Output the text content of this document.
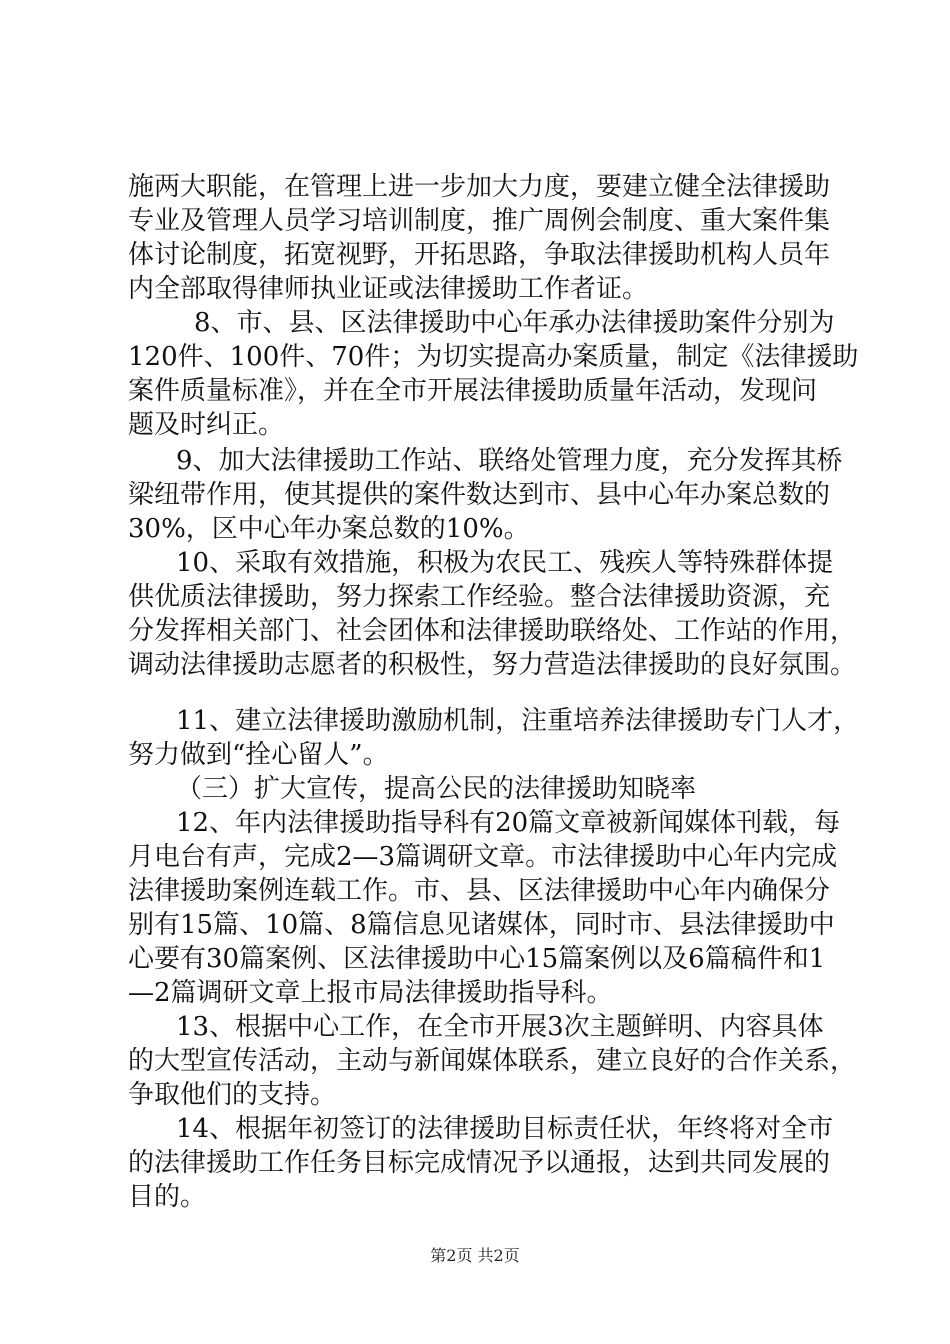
施两大职能，在管理上进一步加大力度，要建立健全法律援助
专业及管理人员学习培训制度，推广周例会制度、重大案件集
体讨论制度，拓宽视野，开拓思路，争取法律援助机构人员年
内全部取得律师执业证或法律援助工作者证。
8、市、县、区法律援助中心年承办法律援助案件分别为
120件、100件、70件；为切实提高办案质量，制定《法律援助
案件质量标准》，并在全市开展法律援助质量年活动，发现问
题及时纠正。
9、加大法律援助工作站、联络处管理力度，充分发挥其桥
梁纽带作用，使其提供的案件数达到市、县中心年办案总数的
30%，区中心年办案总数的10%。
10、采取有效措施，积极为农民工、残疾人等特殊群体提
供优质法律援助，努力探索工作经验。整合法律援助资源，充
分发挥相关部门、社会团体和法律援助联络处、工作站的作用，
调动法律援助志愿者的积极性，努力营造法律援助的良好氛围。
11、建立法律援助激励机制，注重培养法律援助专门人才，
努力做到“拴心留人”。
（三）扩大宣传，提高公民的法律援助知晓率
12、年内法律援助指导科有20篇文章被新闻媒体刊载，每
月电台有声，完成2—3篇调研文章。市法律援助中心年内完成
法律援助案例连载工作。市、县、区法律援助中心年内确保分
别有15篇、10篇、8篇信息见诸媒体，同时市、县法律援助中
心要有30篇案例、区法律援助中心15篇案例以及6篇稿件和1
—2篇调研文章上报市局法律援助指导科。
13、根据中心工作，在全市开展3次主题鲜明、内容具体
的大型宣传活动，主动与新闻媒体联系，建立良好的合作关系，
争取他们的支持。
14、根据年初签订的法律援助目标责任状，年终将对全市
的法律援助工作任务目标完成情况予以通报，达到共同发展的
目的。
第2页 共2页
